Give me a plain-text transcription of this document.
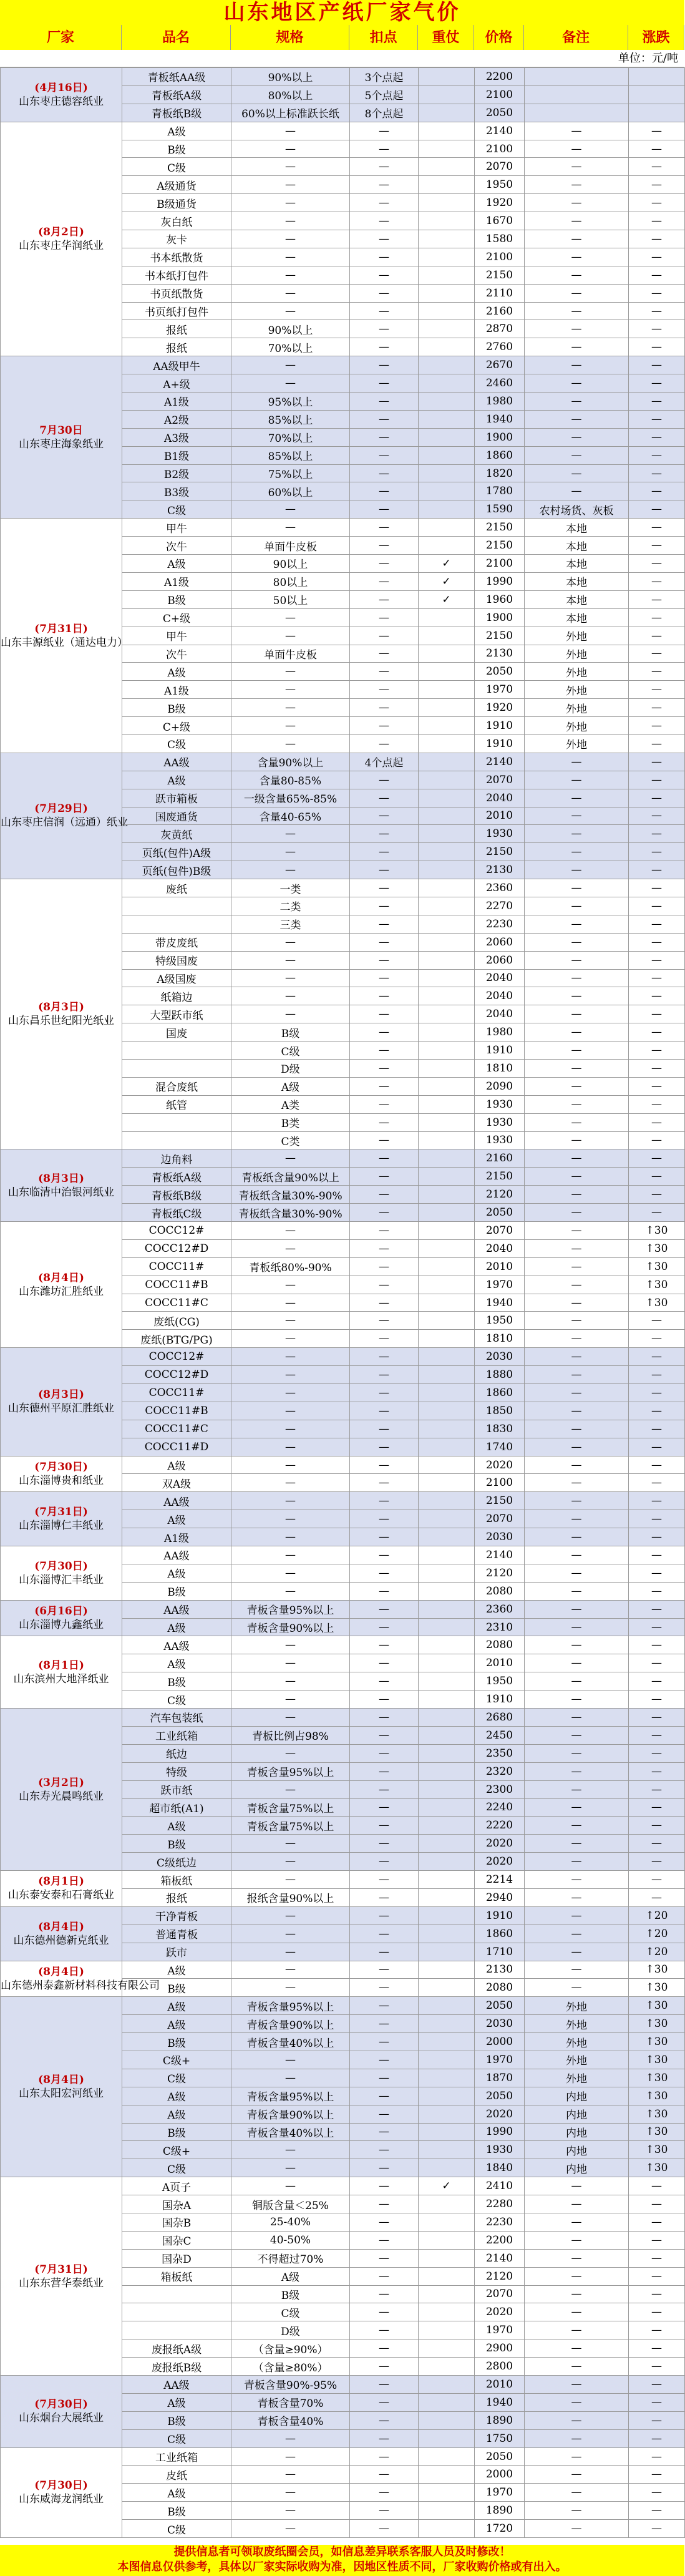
山东地区产纸厂家气价
厂家	品名	规格	扣点	重仗	价格	备注	涨跌
单位：元/吨
(4月16日)
山东枣庄德容纸业	青板纸AA级	90%以上	3个点起		2200		
	青板纸A级	80%以上	5个点起		2100		
	青板纸B级	60%以上标准跃长纸	8个点起		2050		

(8月2日)
山东枣庄华润纸业	A级	—	—		2140	—	—
	B级	—	—		2100	—	—
	C级	—	—		2070	—	—
	A级通货	—	—		1950	—	—
	B级通货	—	—		1920	—	—
	灰白纸	—	—		1670	—	—
	灰卡	—	—		1580	—	—
	书本纸散货	—	—		2100	—	—
	书本纸打包件	—	—		2150	—	—
	书页纸散货	—	—		2110	—	—
	书页纸打包件	—	—		2160	—	—
	报纸	90%以上	—		2870	—	—
	报纸	70%以上	—		2760	—	—

7月30日
山东枣庄海象纸业	AA级甲牛	—	—		2670	—	—
	A+级	—	—		2460	—	—
	A1级	95%以上	—		1980	—	—
	A2级	85%以上	—		1940	—	—
	A3级	70%以上	—		1900	—	—
	B1级	85%以上	—		1860	—	—
	B2级	75%以上	—		1820	—	—
	B3级	60%以上	—		1780	—	—
	C级	—	—		1590	农村场货、灰板	—

(7月31日)
山东丰源纸业（通达电力）	甲牛	—	—		2150	本地	—
	次牛	单面牛皮板	—		2150	本地	—
	A级	90以上	—	✓	2100	本地	—
	A1级	80以上	—	✓	1990	本地	—
	B级	50以上	—	✓	1960	本地	—
	C+级	—	—		1900	本地	—
	甲牛	—	—		2150	外地	—
	次牛	单面牛皮板	—		2130	外地	—
	A级	—	—		2050	外地	—
	A1级	—	—		1970	外地	—
	B级	—	—		1920	外地	—
	C+级	—	—		1910	外地	—
	C级	—	—		1910	外地	—

(7月29日)
山东枣庄信润（远通）纸业	AA级	含量90%以上	4个点起		2140	—	—
	A级	含量80-85%	—		2070	—	—
	跃市箱板	一级含量65%-85%	—		2040	—	—
	国废通货	含量40-65%	—		2010	—	—
	灰黄纸	—	—		1930	—	—
	页纸(包件)A级	—	—		2150	—	—
	页纸(包件)B级	—	—		2130	—	—

(8月3日)
山东昌乐世纪阳光纸业	废纸	一类	—		2360	—	—
		二类	—		2270	—	—
		三类	—		2230	—	—
	带皮废纸	—	—		2060	—	—
	特级国废	—	—		2060	—	—
	A级国废	—	—		2040	—	—
	纸箱边	—	—		2040	—	—
	大型跃市纸	—	—		2040	—	—
	国废	B级	—		1980	—	—
		C级	—		1910	—	—
		D级	—		1810	—	—
	混合废纸	A级	—		2090	—	—
	纸管	A类	—		1930	—	—
		B类	—		1930	—	—
		C类	—		1930	—	—

(8月3日)
山东临清中治银河纸业	边角料	—	—		2160	—	—
	青板纸A级	青板纸含量90%以上	—		2150	—	—
	青板纸B级	青板纸含量30%-90%	—		2120	—	—
	青板纸C级	青板纸含量30%-90%	—		2050	—	—

(8月4日)
山东潍坊汇胜纸业	COCC12#	—	—		2070	—	↑30
	COCC12#D	—	—		2040	—	↑30
	COCC11#	青板纸80%-90%	—		2010	—	↑30
	COCC11#B	—	—		1970	—	↑30
	COCC11#C	—	—		1940	—	↑30
	废纸(CG)	—	—		1950	—	—
	废纸(BTG/PG)	—	—		1810	—	—

(8月3日)
山东德州平原汇胜纸业	COCC12#	—	—		2030	—	—
	COCC12#D	—	—		1880	—	—
	COCC11#	—	—		1860	—	—
	COCC11#B	—	—		1850	—	—
	COCC11#C	—	—		1830	—	—
	COCC11#D	—	—		1740	—	—

(7月30日)
山东淄博贵和纸业	A级	—	—		2020	—	—
	双A级	—	—		2100	—	—

(7月31日)
山东淄博仁丰纸业	AA级	—	—		2150	—	—
	A级	—	—		2070	—	—
	A1级	—	—		2030	—	—

(7月30日)
山东淄博汇丰纸业	AA级	—	—		2140	—	—
	A级	—	—		2120	—	—
	B级	—	—		2080	—	—

(6月16日)
山东淄博九鑫纸业	AA级	青板含量95%以上	—		2360	—	—
	A级	青板含量90%以上	—		2310	—	—

(8月1日)
山东滨州大地泽纸业	AA级	—	—		2080	—	—
	A级	—	—		2010	—	—
	B级	—	—		1950	—	—
	C级	—	—		1910	—	—

(3月2日)
山东寿光晨鸣纸业	汽车包装纸	—	—		2680	—	—
	工业纸箱	青板比例占98%	—		2450	—	—
	纸边	—	—		2350	—	—
	特级	青板含量95%以上	—		2320	—	—
	跃市纸	—	—		2300	—	—
	超市纸(A1)	青板含量75%以上	—		2240	—	—
	A级	青板含量75%以上	—		2220	—	—
	B级	—	—		2020	—	—
	C级纸边	—	—		2020	—	—

(8月1日)
山东泰安泰和石膏纸业	箱板纸	—	—		2214	—	—
	报纸	报纸含量90%以上	—		2940	—	—

(8月4日)
山东德州德新克纸业	干净青板	—	—		1910	—	↑20
	普通青板	—	—		1860	—	↑20
	跃市	—	—		1710	—	↑20

(8月4日)
山东德州泰鑫新材料科技有限公司	A级	—	—		2130	—	↑30
	B级	—	—		2080	—	↑30

(8月4日)
山东太阳宏河纸业	A级	青板含量95%以上	—		2050	外地	↑30
	A级	青板含量90%以上	—		2030	外地	↑30
	B级	青板含量40%以上	—		2000	外地	↑30
	C级+	—	—		1970	外地	↑30
	C级	—	—		1870	外地	↑30
	A级	青板含量95%以上	—		2050	内地	↑30
	A级	青板含量90%以上	—		2020	内地	↑30
	B级	青板含量40%以上	—		1990	内地	↑30
	C级+	—	—		1930	内地	↑30
	C级	—	—		1840	内地	↑30

(7月31日)
山东东营华泰纸业	A页子	—	—	✓	2410	—	—
	国杂A	铜版含量＜25%	—		2280	—	—
	国杂B	25-40%	—		2230	—	—
	国杂C	40-50%	—		2200	—	—
	国杂D	不得超过70%	—		2140	—	—
	箱板纸	A级	—		2120	—	—
		B级	—		2070	—	—
		C级	—		2020	—	—
		D级	—		1970	—	—
	废报纸A级	（含量≥90%）	—		2900	—	—
	废报纸B级	（含量≥80%）	—		2800	—	—

(7月30日)
山东烟台大展纸业	AA级	青板含量90%-95%	—		2010	—	—
	A级	青板含量70%	—		1940	—	—
	B级	青板含量40%	—		1890	—	—
	C级	—	—		1750	—	—

(7月30日)
山东威海龙润纸业	工业纸箱	—	—		2050	—	—
	皮纸	—	—		2000	—	—
	A级	—	—		1970	—	—
	B级	—	—		1890	—	—
	C级	—	—		1720	—	—
提供信息者可领取废纸圈会员，如信息差异联系客服人员及时修改！
本图信息仅供参考，具体以厂家实际收购为准，因地区性质不同，厂家收购价格或有出入。
